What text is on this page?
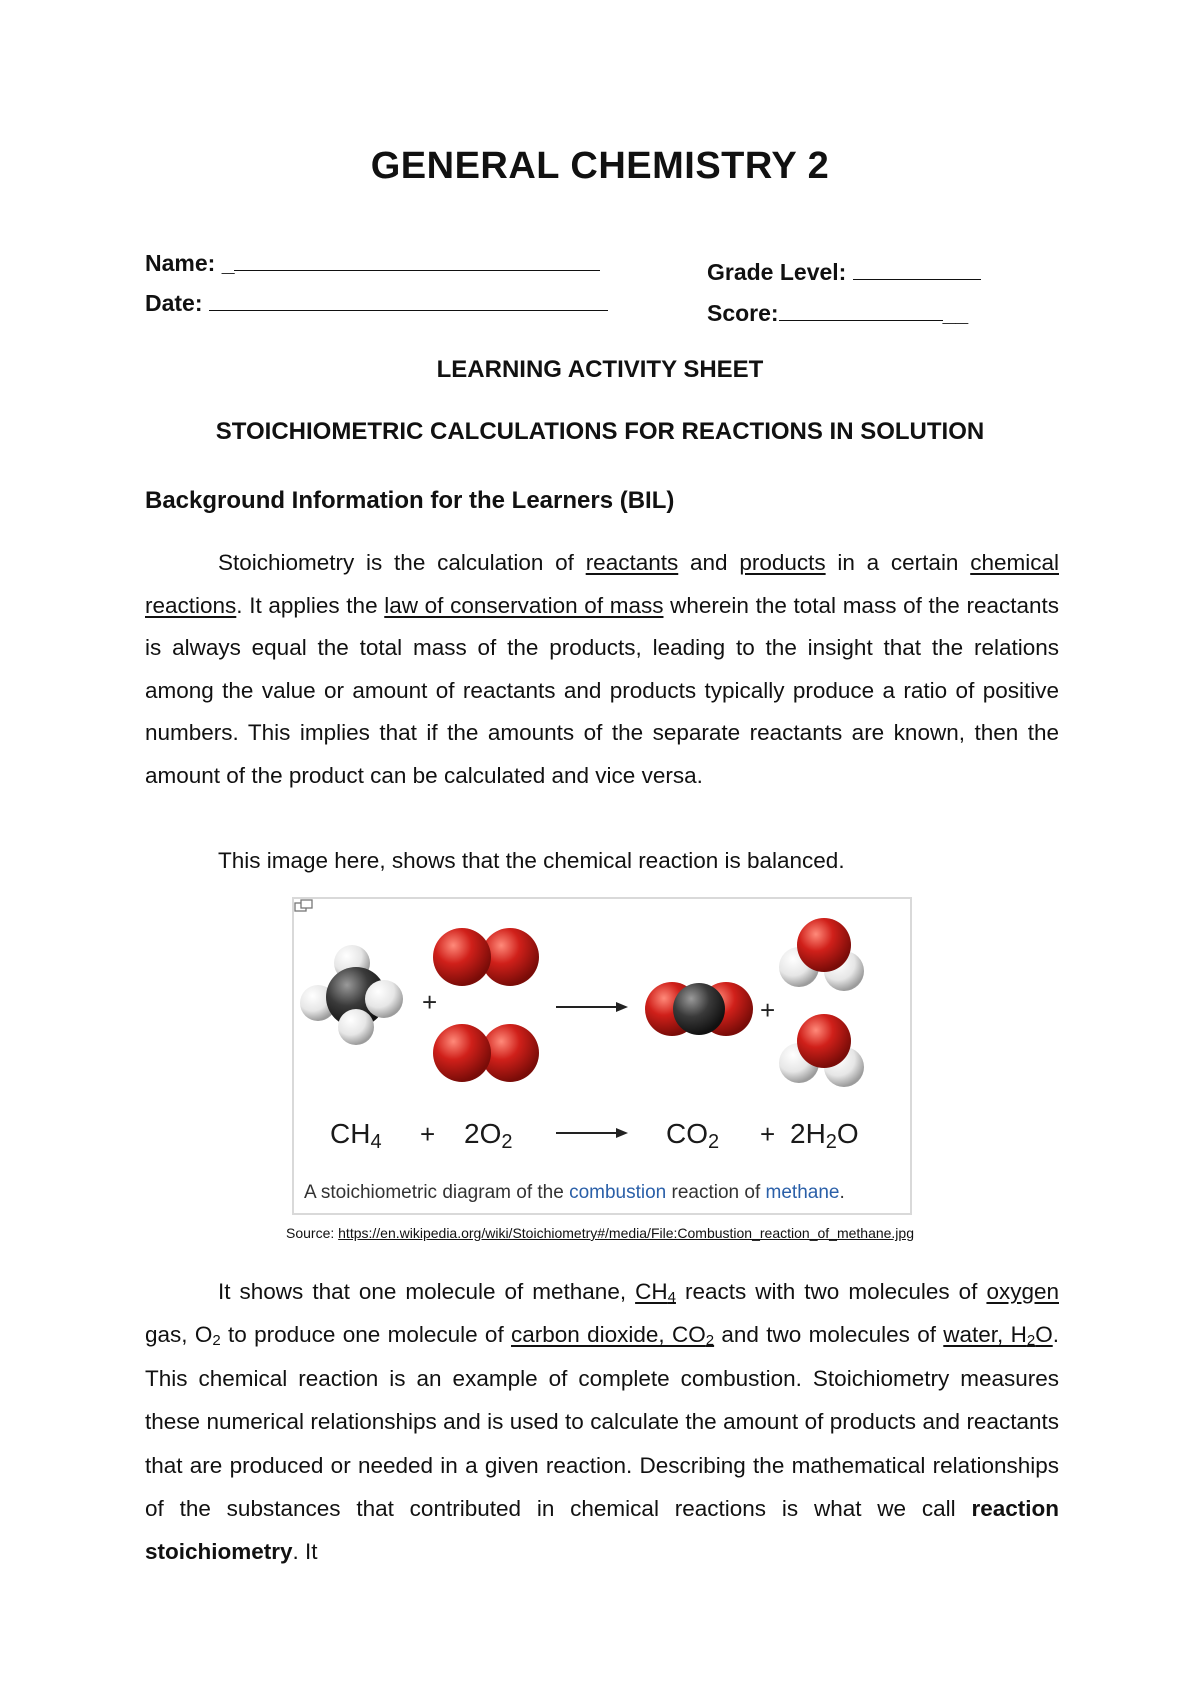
GENERAL CHEMISTRY 2
Name: _
Date:
Grade Level:
Score:	__
LEARNING ACTIVITY SHEET
STOICHIOMETRIC CALCULATIONS FOR REACTIONS IN SOLUTION
Background Information for the Learners (BIL)

Stoichiometry is the calculation of reactants and products in a certain chemical reactions. It applies the law of conservation of mass wherein the total mass of the reactants is always equal the total mass of the products, leading to the insight that the relations among the value or amount of reactants and products typically produce a ratio of positive numbers. This implies that if the amounts of the separate reactants are known, then the amount of the product can be calculated and vice versa.

This image here, shows that the chemical reaction is balanced.

+	+
CH4 + 2O2	CO2 + 2H2O
A stoichiometric diagram of the combustion reaction of methane.
Source: https://en.wikipedia.org/wiki/Stoichiometry#/media/File:Combustion_reaction_of_methane.jpg

It shows that one molecule of methane, $CH_4$ reacts with two molecules of oxygen gas, $O_2$ to produce one molecule of carbon dioxide, $CO_2$ and two molecules of water, $H_2O$. This chemical reaction is an example of complete combustion. Stoichiometry measures these numerical relationships and is used to calculate the amount of products and reactants that are produced or needed in a given reaction. Describing the mathematical relationships of the substances that contributed in chemical reactions is what we call reaction stoichiometry. It
